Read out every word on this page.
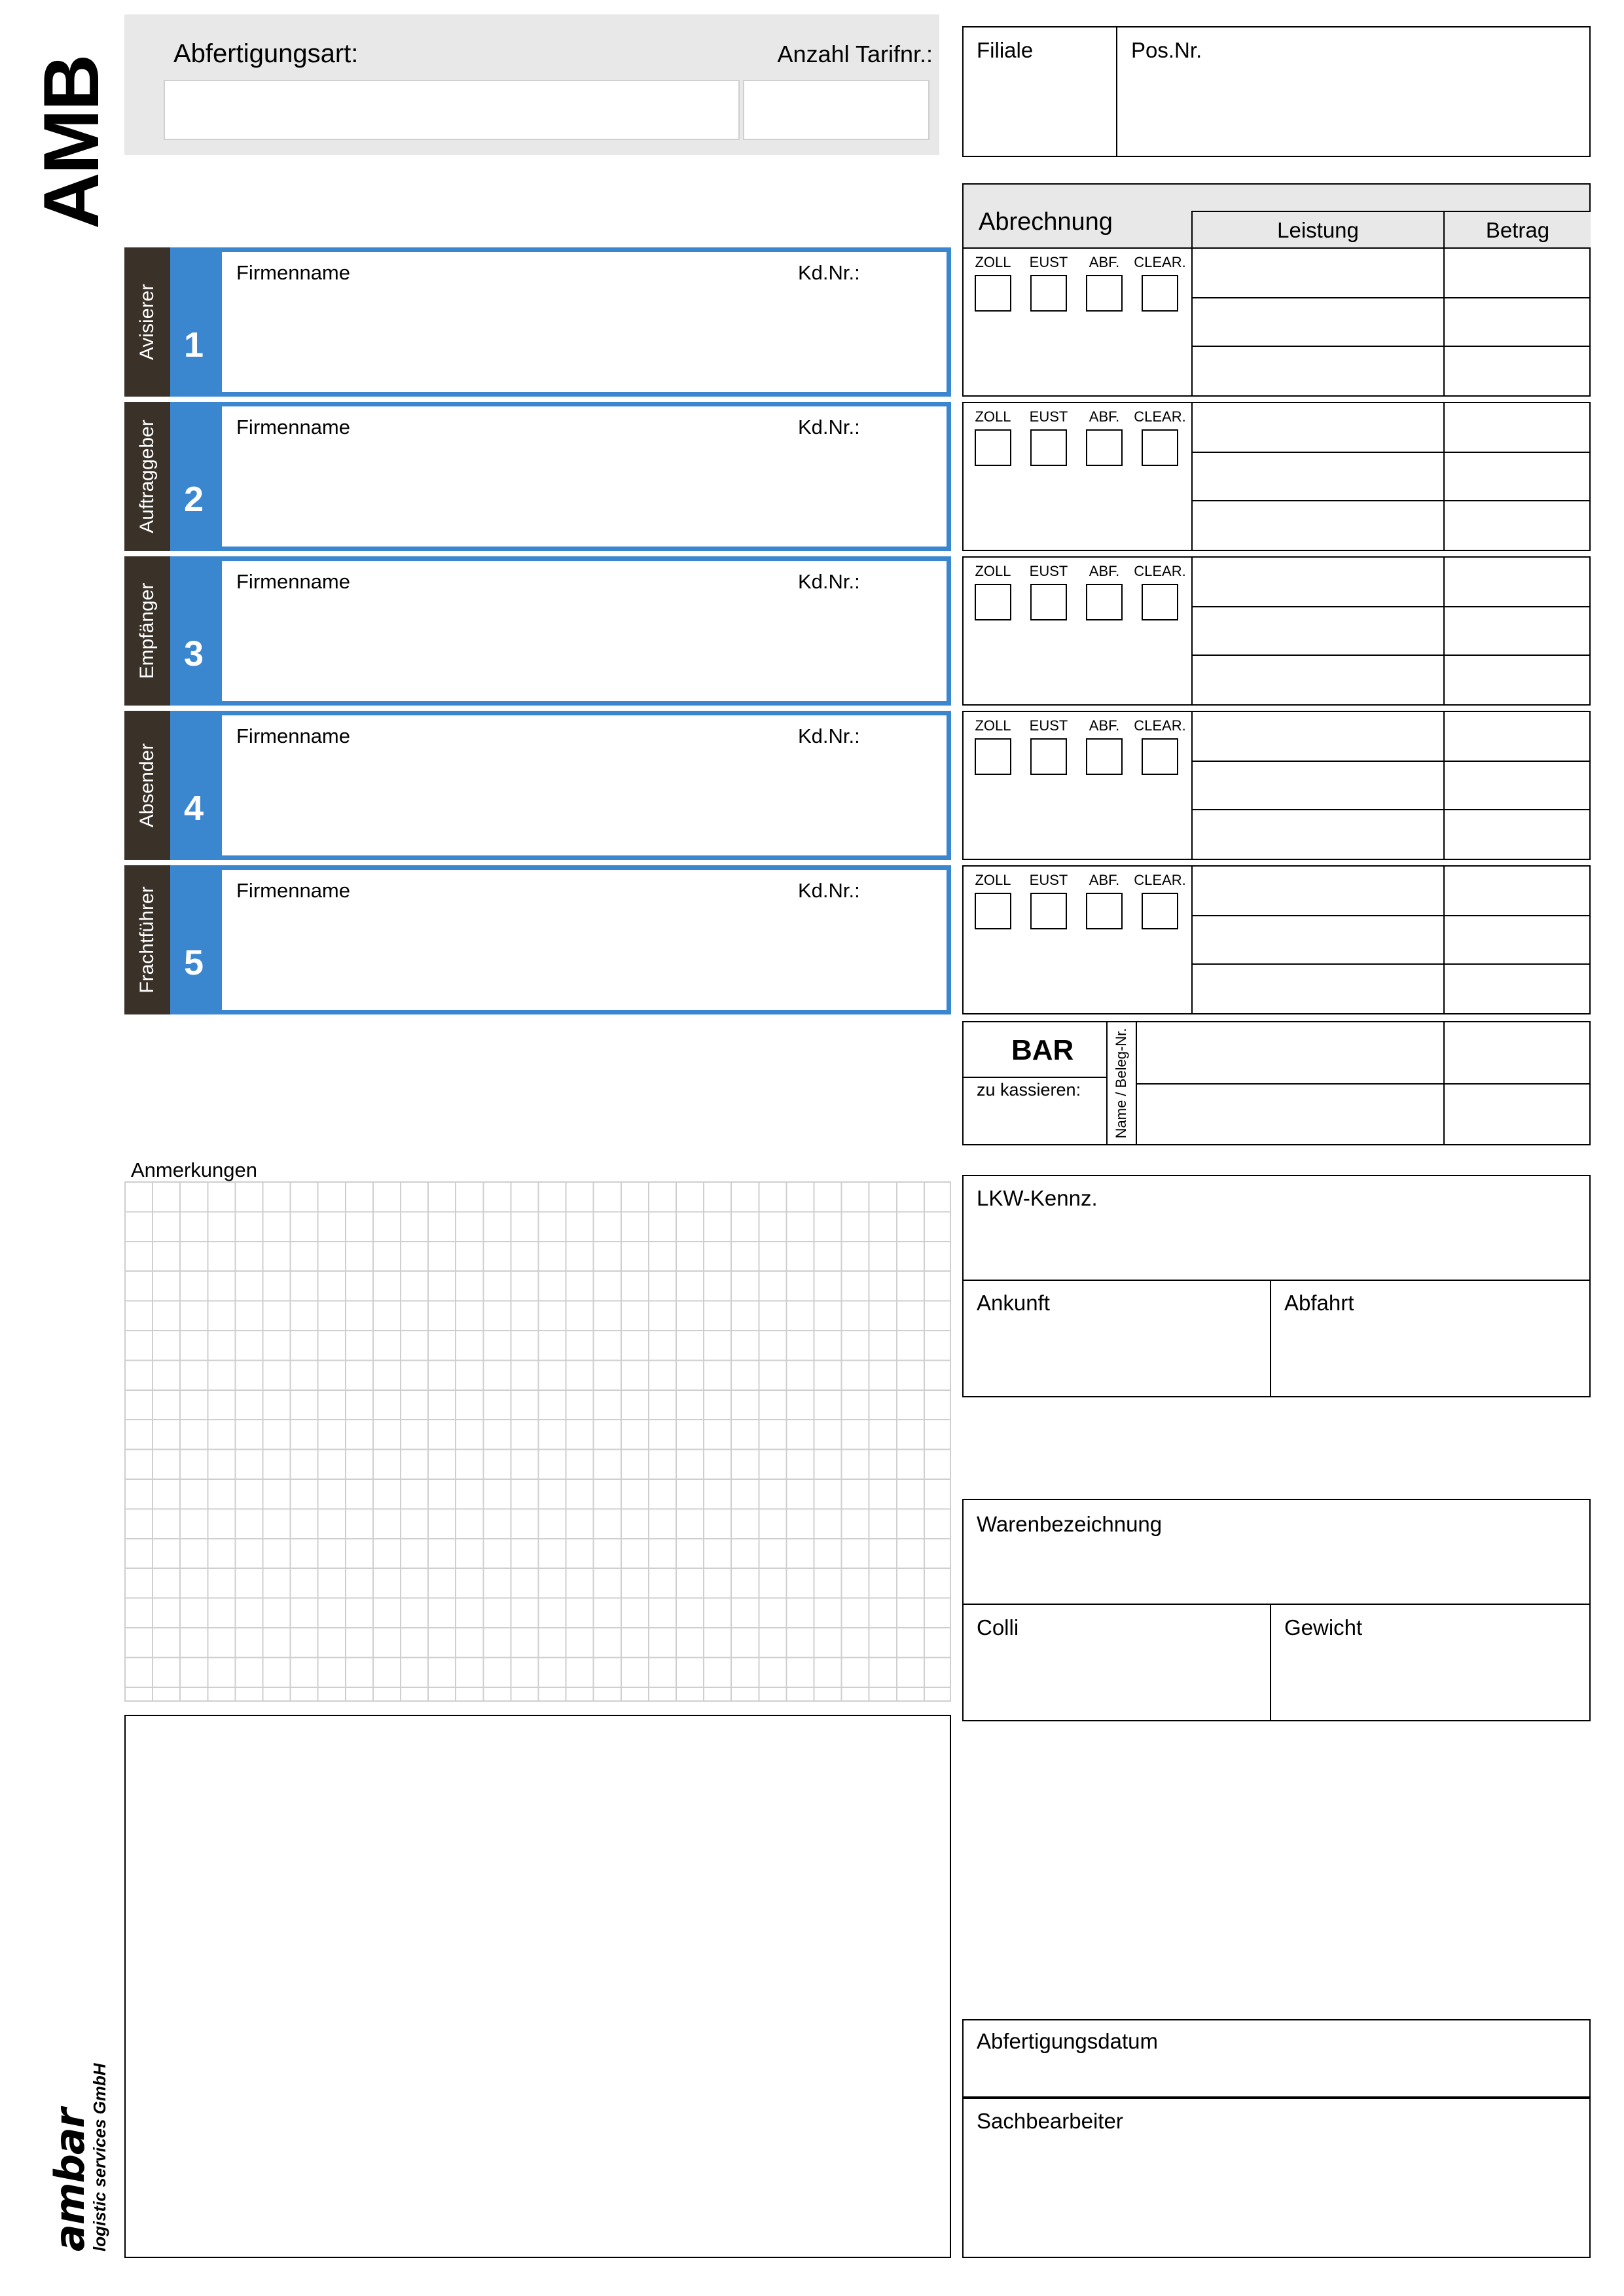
AMB
Abfertigungsart:	Anzahl Tarifnr.: Filiale	Pos.Nr.
Abrechnung	Leistung	Betrag
Avisierer 1
Firmenname	Kd.Nr.:
Auftraggeber 2
Firmenname	Kd.Nr.:
Empfänger 3
Firmenname	Kd.Nr.:
Absender 4
Firmenname	Kd.Nr.:
Frachtführer 5
Firmenname	Kd.Nr.:
ZOLL	EUST	ABF.	CLEAR.
ZOLL	EUST	ABF.	CLEAR.
ZOLL	EUST	ABF.	CLEAR.
ZOLL	EUST	ABF.	CLEAR.
ZOLL	EUST	ABF.	CLEAR.
BAR
zu kassieren: Name / Beleg-Nr.
Anmerkungen
LKW-Kennz.
Ankunft	Abfahrt
Warenbezeichnung
Colli	Gewicht
Abfertigungsdatum
Sachbearbeiter
ambar
logistic services GmbH
